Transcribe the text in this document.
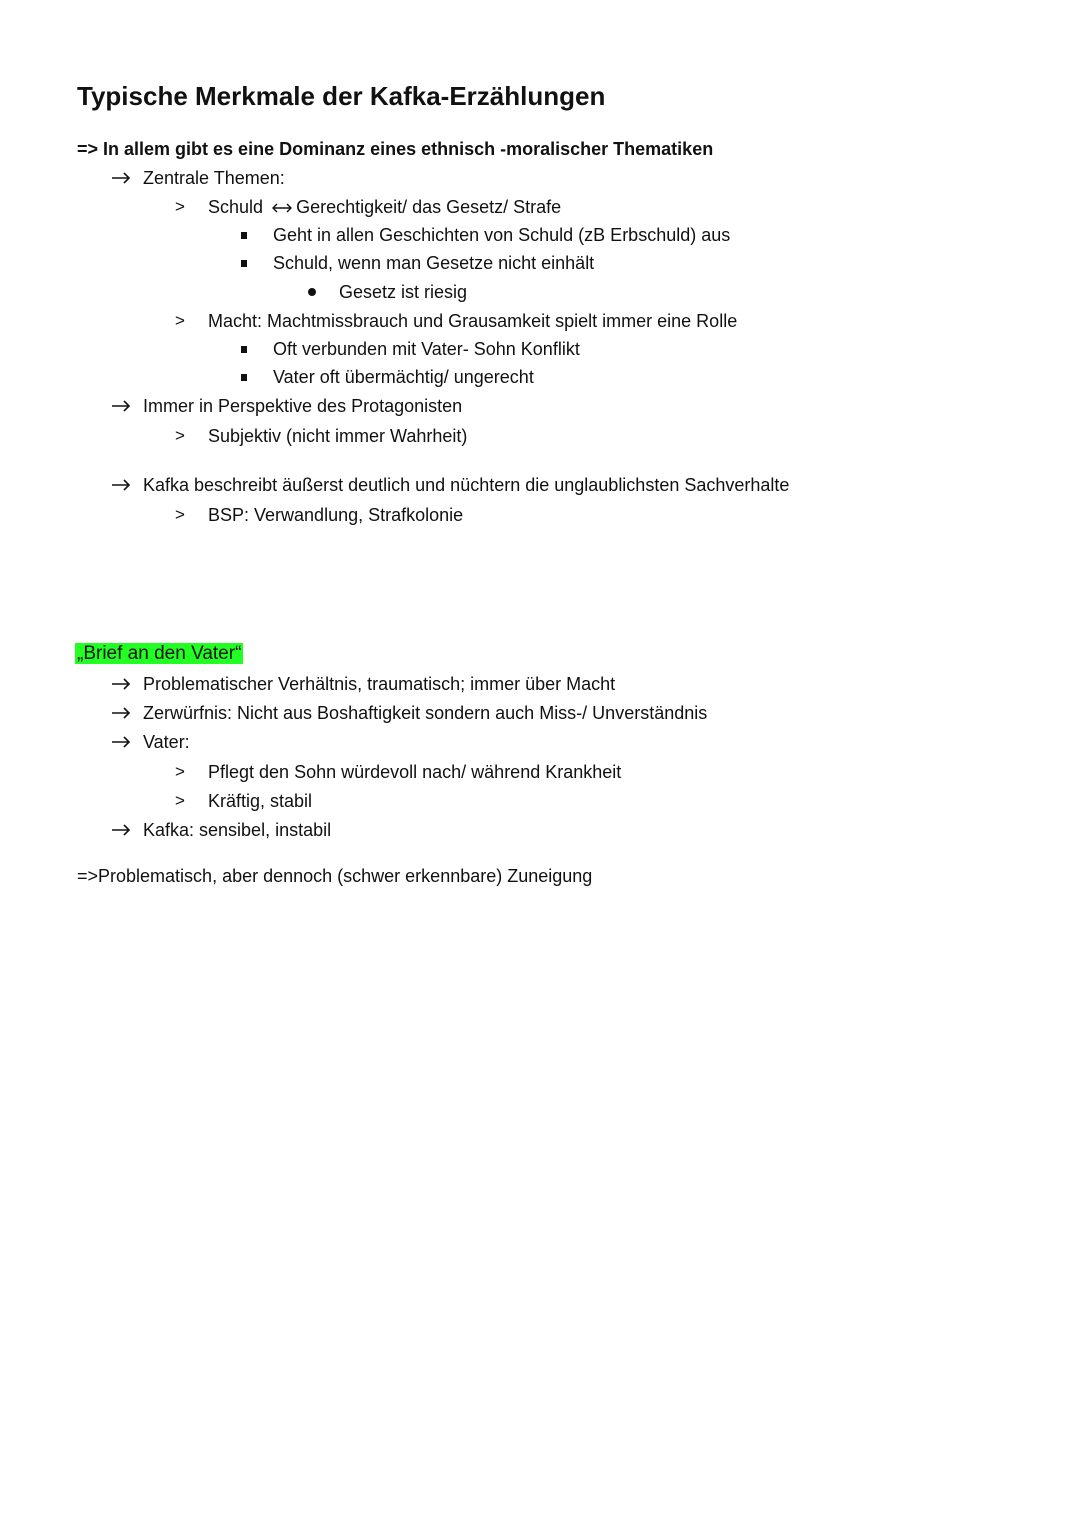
Typische Merkmale der Kafka-Erzählungen
=> In allem gibt es eine Dominanz eines ethnisch -moralischer Thematiken
Zentrale Themen:
> Schuld Gerechtigkeit/ das Gesetz/ Strafe
Geht in allen Geschichten von Schuld (zB Erbschuld) aus
Schuld, wenn man Gesetze nicht einhält
Gesetz ist riesig
> Macht: Machtmissbrauch und Grausamkeit spielt immer eine Rolle
Oft verbunden mit Vater- Sohn Konflikt
Vater oft übermächtig/ ungerecht
Immer in Perspektive des Protagonisten
> Subjektiv (nicht immer Wahrheit)
Kafka beschreibt äußerst deutlich und nüchtern die unglaublichsten Sachverhalte
> BSP: Verwandlung, Strafkolonie
„Brief an den Vater“
Problematischer Verhältnis, traumatisch; immer über Macht
Zerwürfnis: Nicht aus Boshaftigkeit sondern auch Miss-/ Unverständnis
Vater:
> Pflegt den Sohn würdevoll nach/ während Krankheit
> Kräftig, stabil
Kafka: sensibel, instabil
=>Problematisch, aber dennoch (schwer erkennbare) Zuneigung
